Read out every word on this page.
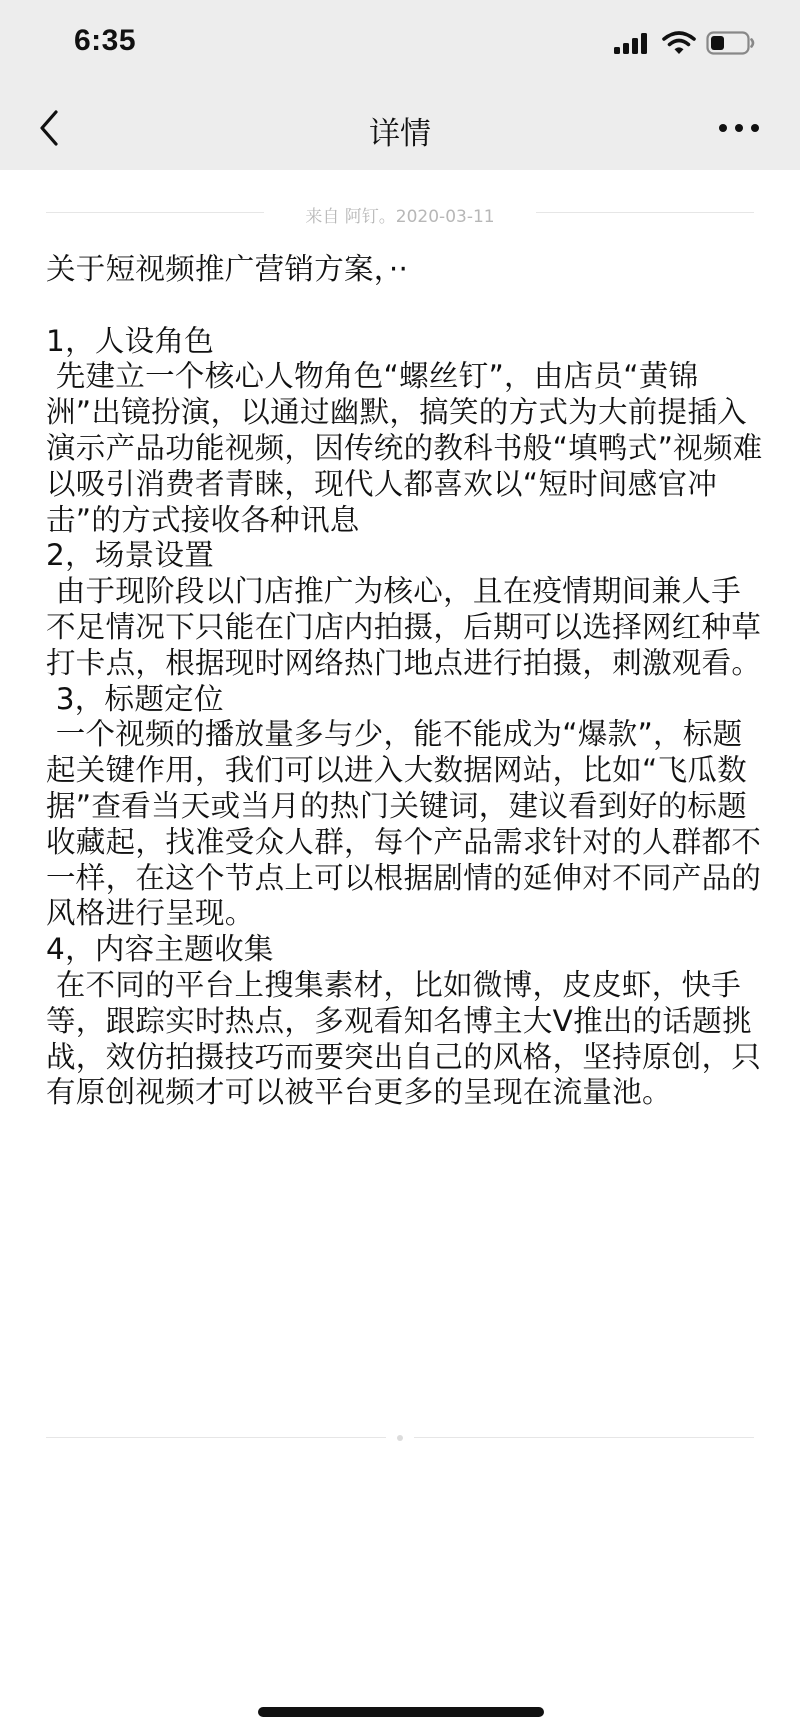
6:35
详情
来自 阿钉。2020-03-11
关于短视频推广营销方案，··

1，人设角色
先建立一个核心人物角色“螺丝钉”，由店员“黄锦洲”出镜扮演，以通过幽默，搞笑的方式为大前提插入演示产品功能视频，因传统的教科书般“填鸭式”视频难以吸引消费者青睐，现代人都喜欢以“短时间感官冲击”的方式接收各种讯息
2，场景设置
由于现阶段以门店推广为核心，且在疫情期间兼人手不足情况下只能在门店内拍摄，后期可以选择网红种草打卡点，根据现时网络热门地点进行拍摄，刺激观看。
3，标题定位
一个视频的播放量多与少，能不能成为“爆款”，标题起关键作用，我们可以进入大数据网站，比如“飞瓜数据”查看当天或当月的热门关键词，建议看到好的标题收藏起，找准受众人群，每个产品需求针对的人群都不一样，在这个节点上可以根据剧情的延伸对不同产品的风格进行呈现。
4，内容主题收集
在不同的平台上搜集素材，比如微博，皮皮虾，快手等，跟踪实时热点，多观看知名博主大V推出的话题挑战，效仿拍摄技巧而要突出自己的风格，坚持原创，只有原创视频才可以被平台更多的呈现在流量池。
